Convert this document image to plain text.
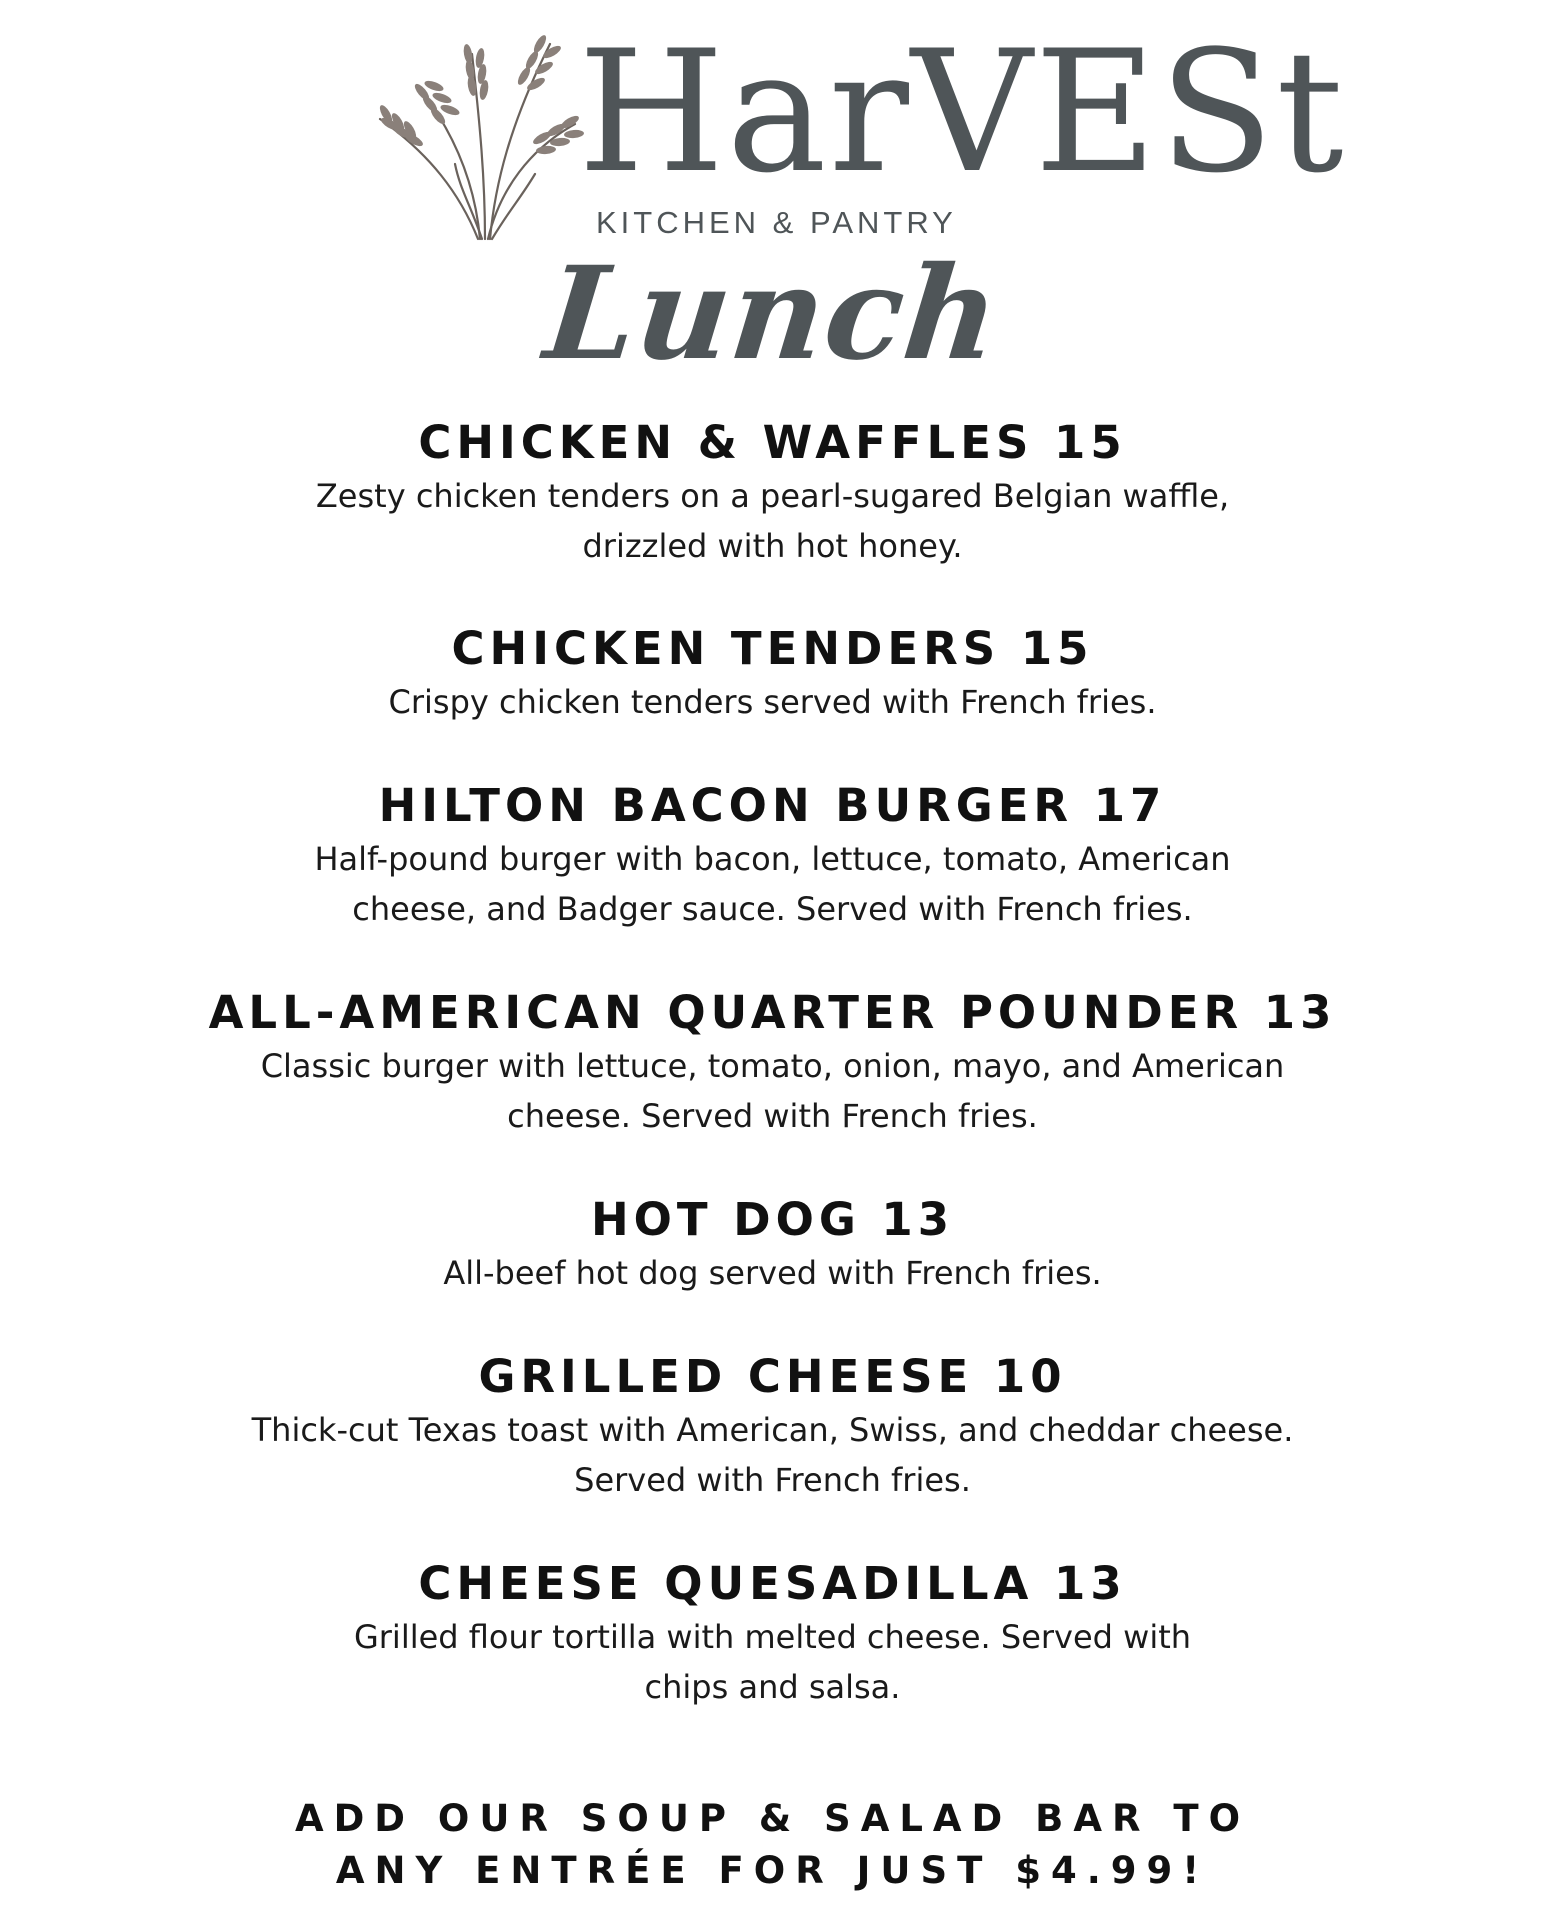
HarVESt
KITCHEN & PANTRY
Lunch
CHICKEN & WAFFLES 15
Zesty chicken tenders on a pearl-sugared Belgian waffle,
drizzled with hot honey.
CHICKEN TENDERS 15
Crispy chicken tenders served with French fries.
HILTON BACON BURGER 17
Half-pound burger with bacon, lettuce, tomato, American
cheese, and Badger sauce. Served with French fries.
ALL-AMERICAN QUARTER POUNDER 13
Classic burger with lettuce, tomato, onion, mayo, and American
cheese. Served with French fries.
HOT DOG 13
All-beef hot dog served with French fries.
GRILLED CHEESE 10
Thick-cut Texas toast with American, Swiss, and cheddar cheese.
Served with French fries.
CHEESE QUESADILLA 13
Grilled flour tortilla with melted cheese. Served with
chips and salsa.
ADD OUR SOUP & SALAD BAR TO
ANY ENTRÉE FOR JUST $4.99!
